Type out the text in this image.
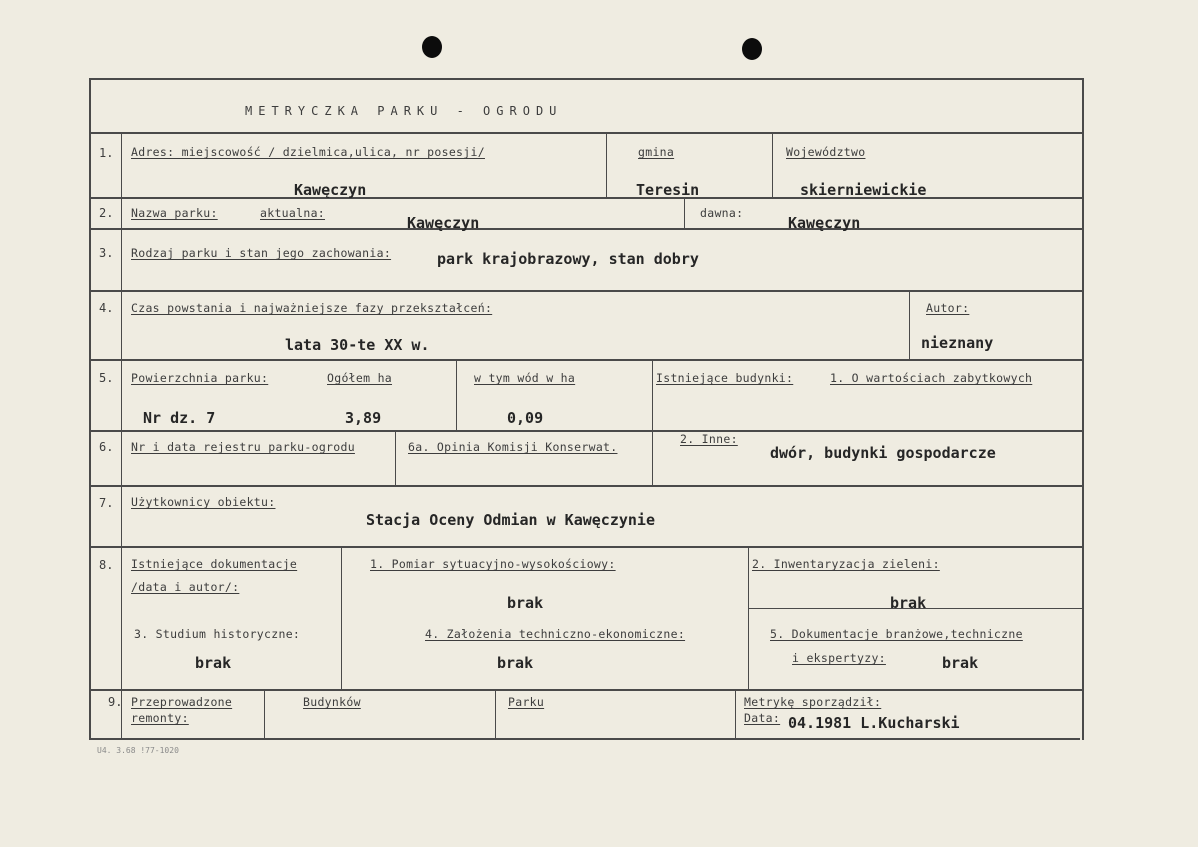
METRYCZKA PARKU - OGRODU
1. Adres: miejscowość / dzielmica,ulica, nr posesji/
Kawęczyn
gmina
Teresin
Województwo
skierniewickie
2. Nazwa parku:	aktualna:
Kawęczyn
dawna:
Kawęczyn
3. Rodzaj parku i stan jego zachowania:	park krajobrazowy, stan dobry
4. Czas powstania i najważniejsze fazy przekształceń:
lata 30-te XX w.
Autor:
nieznany
5. Powierzchnia parku:	Ogółem ha
Nr dz. 7	3,89
w tym wód w ha
0,09
Istniejące budynki:	1. O wartościach zabytkowych
6. Nr i data rejestru parku-ogrodu	6a. Opinia Komisji Konserwat.
2. Inne:
dwór, budynki gospodarcze
7. Użytkownicy obiektu:
Stacja Oceny Odmian w Kawęczynie
8. Istniejące dokumentacje
/data i autor/:
1. Pomiar sytuacyjno-wysokościowy:
brak
2. Inwentaryzacja zieleni:
brak
3. Studium historyczne:
brak
4. Założenia techniczno-ekonomiczne:
brak
5. Dokumentacje branżowe,techniczne
i ekspertyzy:	brak
9. Przeprowadzone
remonty:
Budynków	Parku	Metrykę sporządził:
Data: 04.1981 L.Kucharski
U4. 3.68 !77-1020
